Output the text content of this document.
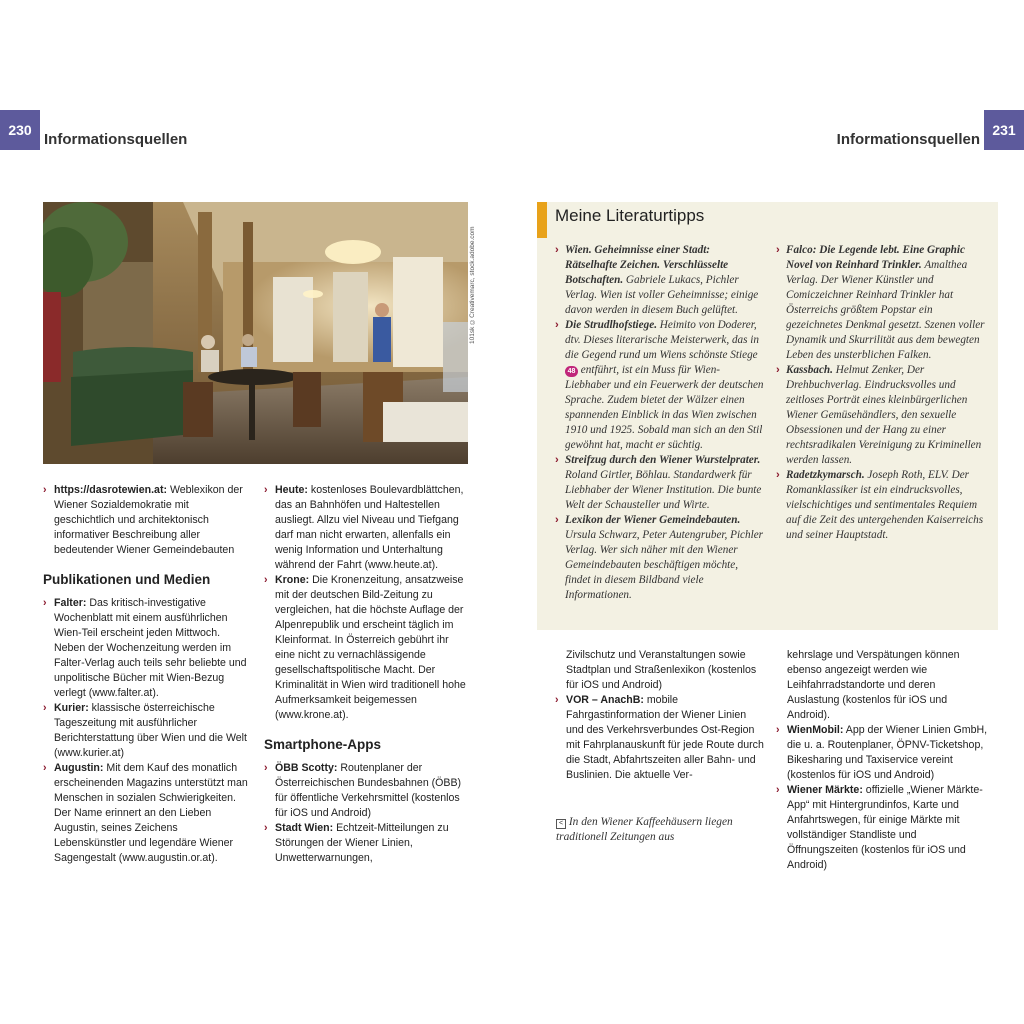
230
Informationsquellen
231
Informationsquellen
101sk ©Creativemarc, stock.adobe.com
› https://dasrotewien.at: Weblexikon der Wiener Sozialdemokratie mit geschichtlich und architektonisch informativer Beschreibung aller bedeutender Wiener Gemeindebauten
Publikationen und Medien
› Falter: Das kritisch-investigative Wochenblatt mit einem ausführlichen Wien-Teil erscheint jeden Mittwoch. Neben der Wochenzeitung werden im Falter-Verlag auch teils sehr beliebte und unpolitische Bücher mit Wien-Bezug verlegt (www.falter.at).
› Kurier: klassische österreichische Tageszeitung mit ausführlicher Berichterstattung über Wien und die Welt (www.kurier.at)
› Augustin: Mit dem Kauf des monatlich erscheinenden Magazins unterstützt man Menschen in sozialen Schwierigkeiten. Der Name erinnert an den Lieben Augustin, seines Zeichens Lebenskünstler und legendäre Wiener Sagengestalt (www.augustin.or.at).
› Heute: kostenloses Boulevardblättchen, das an Bahnhöfen und Haltestellen ausliegt. Allzu viel Niveau und Tiefgang darf man nicht erwarten, allenfalls ein wenig Information und Unterhaltung während der Fahrt (www.heute.at).
› Krone: Die Kronenzeitung, ansatzweise mit der deutschen Bild-Zeitung zu vergleichen, hat die höchste Auflage der Alpenrepublik und erscheint täglich im Kleinformat. In Österreich gebührt ihr eine nicht zu vernachlässigende gesellschaftspolitische Macht. Der Kriminalität in Wien wird traditionell hohe Aufmerksamkeit beigemessen (www.krone.at).
Smartphone-Apps
› ÖBB Scotty: Routenplaner der Österreichischen Bundesbahnen (ÖBB) für öffentliche Verkehrsmittel (kostenlos für iOS und Android)
› Stadt Wien: Echtzeit-Mitteilungen zu Störungen der Wiener Linien, Unwetterwarnungen,
Meine Literaturtipps
› Wien. Geheimnisse einer Stadt: Rätselhafte Zeichen. Verschlüsselte Botschaften. Gabriele Lukacs, Pichler Verlag. Wien ist voller Geheimnisse; einige davon werden in diesem Buch gelüftet.
› Die Strudlhofstiege. Heimito von Doderer, dtv. Dieses literarische Meisterwerk, das in die Gegend rund um Wiens schönste Stiege 48 entführt, ist ein Muss für Wien-Liebhaber und ein Feuerwerk der deutschen Sprache. Zudem bietet der Wälzer einen spannenden Einblick in das Wien zwischen 1910 und 1925. Sobald man sich an den Stil gewöhnt hat, macht er süchtig.
› Streifzug durch den Wiener Wurstelprater. Roland Girtler, Böhlau. Standardwerk für Liebhaber der Wiener Institution. Die bunte Welt der Schausteller und Wirte.
› Lexikon der Wiener Gemeindebauten. Ursula Schwarz, Peter Autengruber, Pichler Verlag. Wer sich näher mit den Wiener Gemeindebauten beschäftigen möchte, findet in diesem Bildband viele Informationen.
› Falco: Die Legende lebt. Eine Graphic Novel von Reinhard Trinkler. Amalthea Verlag. Der Wiener Künstler und Comiczeichner Reinhard Trinkler hat Österreichs größtem Popstar ein gezeichnetes Denkmal gesetzt. Szenen voller Dynamik und Skurrilität aus dem bewegten Leben des unsterblichen Falken.
› Kassbach. Helmut Zenker, Der Drehbuchverlag. Eindrucksvolles und zeitloses Porträt eines kleinbürgerlichen Wiener Gemüsehändlers, den sexuelle Obsessionen und der Hang zu einer rechtsradikalen Vereinigung zu Kriminellen werden lassen.
› Radetzkymarsch. Joseph Roth, ELV. Der Romanklassiker ist ein eindrucksvolles, vielschichtiges und sentimentales Requiem auf die Zeit des untergehenden Kaiserreichs und seiner Hauptstadt.
Zivilschutz und Veranstaltungen sowie Stadtplan und Straßenlexikon (kostenlos für iOS und Android)
› VOR – AnachB: mobile Fahrgastinformation der Wiener Linien und des Verkehrsverbundes Ost-Region mit Fahrplanauskunft für jede Route durch die Stadt, Abfahrtszeiten aller Bahn- und Buslinien. Die aktuelle Ver-
< In den Wiener Kaffeehäusern liegen traditionell Zeitungen aus
kehrslage und Verspätungen können ebenso angezeigt werden wie Leihfahrradstandorte und deren Auslastung (kostenlos für iOS und Android).
› WienMobil: App der Wiener Linien GmbH, die u. a. Routenplaner, ÖPNV-Ticketshop, Bikesharing und Taxiservice vereint (kostenlos für iOS und Android)
› Wiener Märkte: offizielle „Wiener Märkte-App“ mit Hintergrundinfos, Karte und Anfahrtswegen, für einige Märkte mit vollständiger Standliste und Öffnungszeiten (kostenlos für iOS und Android)
